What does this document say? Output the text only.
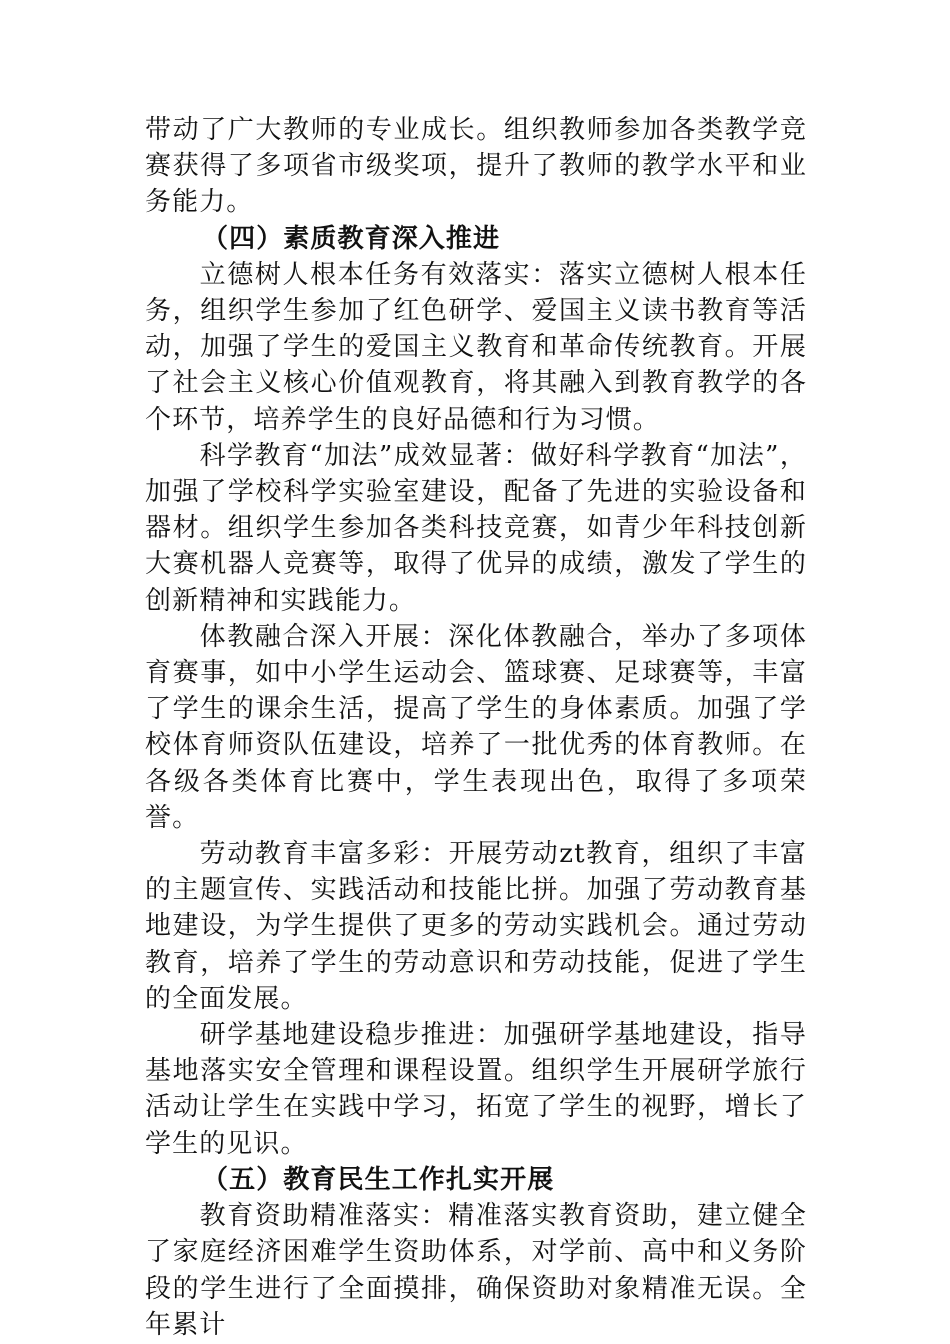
带动了广大教师的专业成长。组织教师参加各类教学竞赛获得了多项省市级奖项，提升了教师的教学水平和业务能力。

（四）素质教育深入推进

立德树人根本任务有效落实：落实立德树人根本任务，组织学生参加了红色研学、爱国主义读书教育等活动，加强了学生的爱国主义教育和革命传统教育。开展了社会主义核心价值观教育，将其融入到教育教学的各个环节，培养学生的良好品德和行为习惯。

科学教育“加法”成效显著：做好科学教育“加法”，加强了学校科学实验室建设，配备了先进的实验设备和器材。组织学生参加各类科技竞赛，如青少年科技创新大赛机器人竞赛等，取得了优异的成绩，激发了学生的创新精神和实践能力。

体教融合深入开展：深化体教融合，举办了多项体育赛事，如中小学生运动会、篮球赛、足球赛等，丰富了学生的课余生活，提高了学生的身体素质。加强了学校体育师资队伍建设，培养了一批优秀的体育教师。在各级各类体育比赛中，学生表现出色，取得了多项荣誉。

劳动教育丰富多彩：开展劳动zt教育，组织了丰富的主题宣传、实践活动和技能比拼。加强了劳动教育基地建设，为学生提供了更多的劳动实践机会。通过劳动教育，培养了学生的劳动意识和劳动技能，促进了学生的全面发展。

研学基地建设稳步推进：加强研学基地建设，指导基地落实安全管理和课程设置。组织学生开展研学旅行活动让学生在实践中学习，拓宽了学生的视野，增长了学生的见识。

（五）教育民生工作扎实开展

教育资助精准落实：精准落实教育资助，建立健全了家庭经济困难学生资助体系，对学前、高中和义务阶段的学生进行了全面摸排，确保资助对象精准无误。全年累计
